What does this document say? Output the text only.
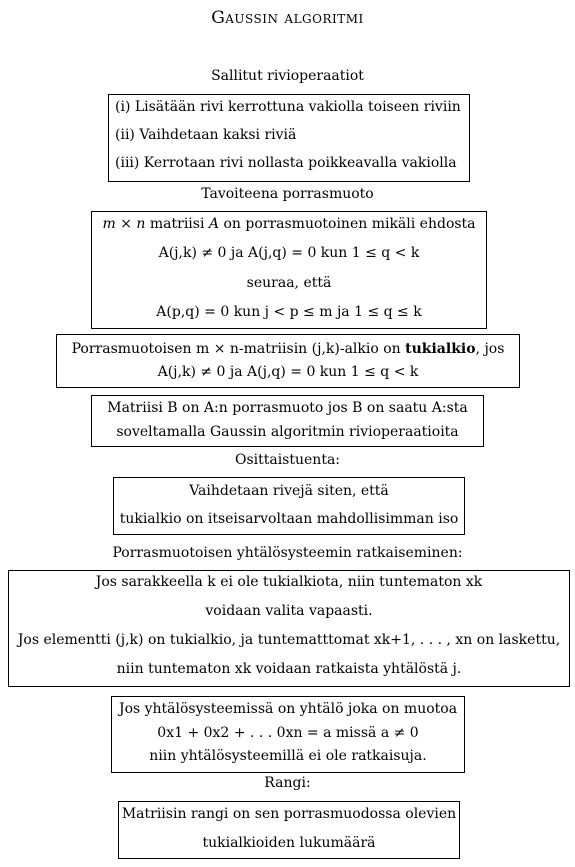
Gaussin algoritmi
Sallitut rivioperaatiot
(i) Lisätään rivi kerrottuna vakiolla toiseen riviin
(ii) Vaihdetaan kaksi riviä
(iii) Kerrotaan rivi nollasta poikkeavalla vakiolla
Tavoiteena porrasmuoto
m × n matriisi A on porrasmuotoinen mikäli ehdosta
A(j,k) ≠ 0 ja A(j,q) = 0 kun 1 ≤ q < k
seuraa, että
A(p,q) = 0 kun j < p ≤ m ja 1 ≤ q ≤ k
Porrasmuotoisen m × n-matriisin (j,k)-alkio on tukialkio, jos
A(j,k) ≠ 0 ja A(j,q) = 0 kun 1 ≤ q < k
Matriisi B on A:n porrasmuoto jos B on saatu A:sta
soveltamalla Gaussin algoritmin rivioperaatioita
Osittaistuenta:
Vaihdetaan rivejä siten, että
tukialkio on itseisarvoltaan mahdollisimman iso
Porrasmuotoisen yhtälösysteemin ratkaiseminen:
Jos sarakkeella k ei ole tukialkiota, niin tuntematon xk
voidaan valita vapaasti.
Jos elementti (j,k) on tukialkio, ja tuntematttomat xk+1, . . . , xn on laskettu,
niin tuntematon xk voidaan ratkaista yhtälöstä j.
Jos yhtälösysteemissä on yhtälö joka on muotoa
0x1 + 0x2 + . . . 0xn = a missä a ≠ 0
niin yhtälösysteemillä ei ole ratkaisuja.
Rangi:
Matriisin rangi on sen porrasmuodossa olevien
tukialkioiden lukumäärä
